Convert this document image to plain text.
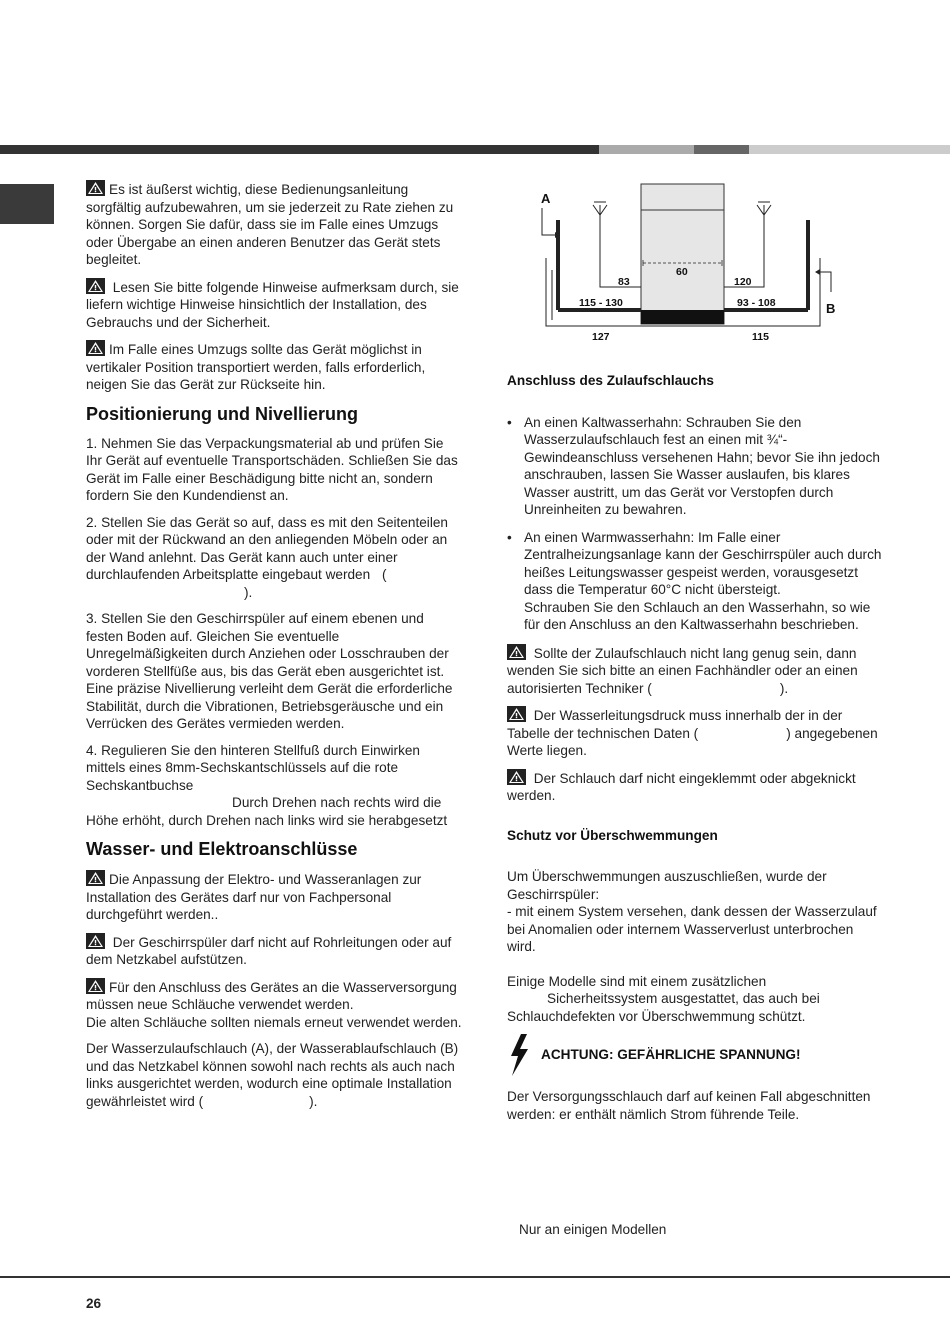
Es ist äußerst wichtig, diese Bedienungsanleitung sorgfältig aufzubewahren, um sie jederzeit zu Rate ziehen zu können. Sorgen Sie dafür, dass sie im Falle eines Umzugs oder Übergabe an einen anderen Benutzer das Gerät stets begleitet.

Lesen Sie bitte folgende Hinweise aufmerksam durch, sie liefern wichtige Hinweise hinsichtlich der Installation, des Gebrauchs und der Sicherheit.

Im Falle eines Umzugs sollte das Gerät möglichst in vertikaler Position transportiert werden, falls erforderlich, neigen Sie das Gerät zur Rückseite hin.

Positionierung und Nivellierung

1. Nehmen Sie das Verpackungsmaterial ab und prüfen Sie Ihr Gerät auf eventuelle Transportschäden. Schließen Sie das Gerät im Falle einer Beschädigung bitte nicht an, sondern fordern Sie den Kundendienst an.

2. Stellen Sie das Gerät so auf, dass es mit den Seitenteilen oder mit der Rückwand an den anliegenden Möbeln oder an der Wand anlehnt. Das Gerät kann auch unter einer durchlaufenden Arbeitsplatte eingebaut werden ().

3. Stellen Sie den Geschirrspüler auf einem ebenen und festen Boden auf. Gleichen Sie eventuelle Unregelmäßigkeiten durch Anziehen oder Losschrauben der vorderen Stellfüße aus, bis das Gerät eben ausgerichtet ist. Eine präzise Nivellierung verleiht dem Gerät die erforderliche Stabilität, durch die Vibrationen, Betriebsgeräusche und ein Verrücken des Gerätes vermieden werden.

4. Regulieren Sie den hinteren Stellfuß durch Einwirken mittels eines 8mm-Sechskantschlüssels auf die rote Sechskantbuchse
Durch Drehen nach rechts wird die Höhe erhöht, durch Drehen nach links wird sie herabgesetzt

Wasser- und Elektroanschlüsse

Die Anpassung der Elektro- und Wasseranlagen zur Installation des Gerätes darf nur von Fachpersonal durchgeführt werden..

Der Geschirrspüler darf nicht auf Rohrleitungen oder auf dem Netzkabel aufstützen.

Für den Anschluss des Gerätes an die Wasserversorgung müssen neue Schläuche verwendet werden.
Die alten Schläuche sollten niemals erneut verwendet werden.

Der Wasserzulaufschlauch (A), der Wasserablaufschlauch (B) und das Netzkabel können sowohl nach rechts als auch nach links ausgerichtet werden, wodurch eine optimale Installation gewährleistet wird (	).

A
B
60
83	120
115 - 130	93 - 108
127	115
Anschluss des Zulaufschlauchs
• An einen Kaltwasserhahn: Schrauben Sie den Wasserzulaufschlauch fest an einen mit ¾“-Gewindeanschluss versehenen Hahn; bevor Sie ihn jedoch anschrauben, lassen Sie Wasser auslaufen, bis klares Wasser austritt, um das Gerät vor Verstopfen durch Unreinheiten zu bewahren.
• An einen Warmwasserhahn: Im Falle einer Zentralheizungsanlage kann der Geschirrspüler auch durch heißes Leitungswasser gespeist werden, vorausgesetzt dass die Temperatur 60°C nicht übersteigt.
Schrauben Sie den Schlauch an den Wasserhahn, so wie für den Anschluss an den Kaltwasserhahn beschrieben.

Sollte der Zulaufschlauch nicht lang genug sein, dann wenden Sie sich bitte an einen Fachhändler oder an einen autorisierten Techniker (	).

Der Wasserleitungsdruck muss innerhalb der in der Tabelle der technischen Daten (	) angegebenen Werte liegen.

Der Schlauch darf nicht eingeklemmt oder abgeknickt werden.

Schutz vor Überschwemmungen

Um Überschwemmungen auszuschließen, wurde der Geschirrspüler:
- mit einem System versehen, dank dessen der Wasserzulauf bei Anomalien oder internem Wasserverlust unterbrochen wird.

Einige Modelle sind mit einem zusätzlichen
Sicherheitssystem ausgestattet, das auch bei Schlauchdefekten vor Überschwemmung schützt.

ACHTUNG: GEFÄHRLICHE SPANNUNG!

Der Versorgungsschlauch darf auf keinen Fall abgeschnitten werden: er enthält nämlich Strom führende Teile.

Nur an einigen Modellen
26
